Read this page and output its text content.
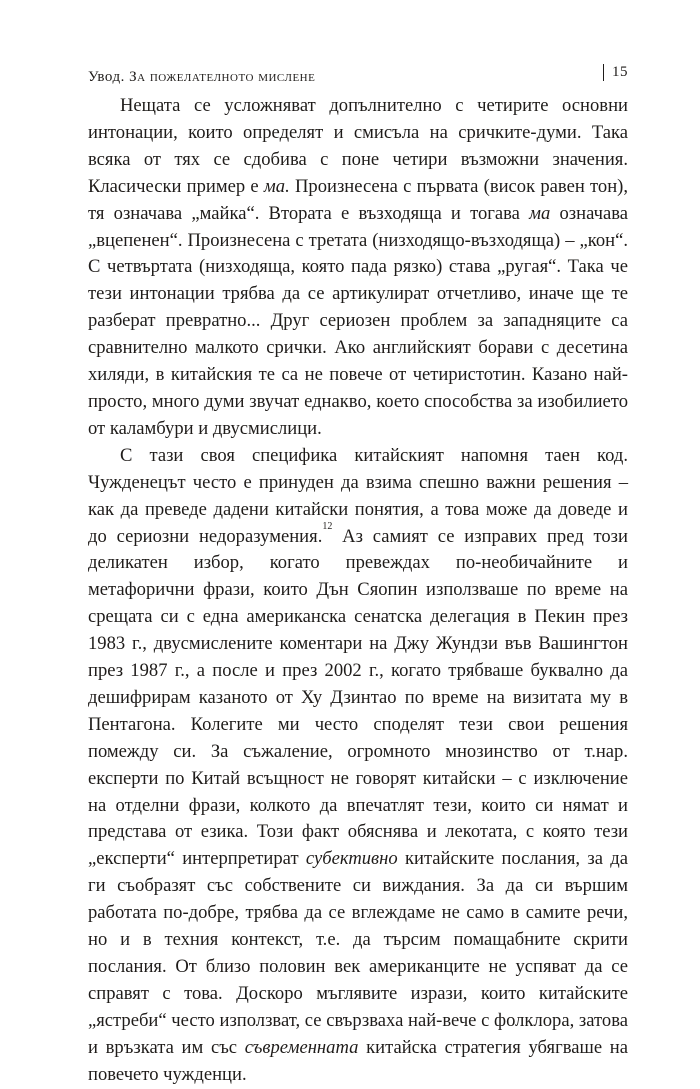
Увод. За пожелателното мислене	15

Нещата се усложняват допълнително с четирите основни интонации, които определят и смисъла на сричките-думи. Така всяка от тях се сдобива с поне четири възможни значения. Класически пример е ма. Произнесена с първата (висок равен тон), тя означава „майка“. Втората е възходяща и тогава ма означава „вцепенен“. Произнесена с третата (низходящо-възходяща) – „кон“. С четвъртата (низходяща, която пада рязко) става „ругая“. Така че тези интонации трябва да се артикулират отчетливо, иначе ще те разберат превратно... Друг сериозен проблем за западняците са сравнително малкото срички. Ако английският борави с десетина хиляди, в китайския те са не повече от четиристотин. Казано най-просто, много думи звучат еднакво, което способства за изобилието от каламбури и двусмислици.

С тази своя специфика китайският напомня таен код. Чужденецът често е принуден да взима спешно важни решения – как да преведе дадени китайски понятия, а това може да доведе и до сериозни недоразумения.$^{12}$ Аз самият се изправих пред този деликатен избор, когато превеждах по-необичайните и метафорични фрази, които Дън Сяопин използваше по време на срещата си с една американска сенатска делегация в Пекин през 1983 г., двусмислените коментари на Джу Жундзи във Вашингтон през 1987 г., а после и през 2002 г., когато трябваше буквално да дешифрирам казаното от Ху Дзинтао по време на визитата му в Пентагона. Колегите ми често споделят тези свои решения помежду си. За съжаление, огромното мнозинство от т.нар. експерти по Китай всъщност не говорят китайски – с изключение на отделни фрази, колкото да впечатлят тези, които си нямат и представа от езика. Този факт обяснява и лекотата, с която тези „експерти“ интерпретират субективно китайските послания, за да ги съобразят със собствените си виждания. За да си вършим работата по-добре, трябва да се вглеждаме не само в самите речи, но и в техния контекст, т.е. да търсим помащабните скрити послания. От близо половин век американците не успяват да се справят с това. Доскоро мъглявите изрази, които китайските „ястреби“ често използват, се свързваха най-вече с фолклора, затова и връзката им със съвременната китайска стратегия убягваше на повечето чужденци.
